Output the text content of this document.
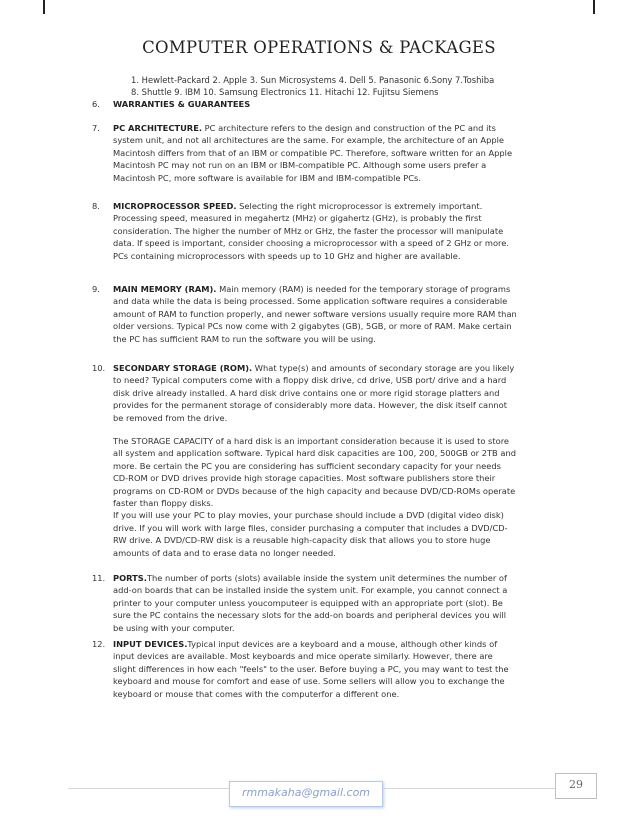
COMPUTER OPERATIONS & PACKAGES
1. Hewlett-Packard 2. Apple 3. Sun Microsystems 4. Dell 5. Panasonic 6.Sony 7.Toshiba
8. Shuttle 9. IBM 10. Samsung Electronics 11. Hitachi 12. Fujitsu Siemens
6. WARRANTIES & GUARANTEES
7. PC ARCHITECTURE. PC architecture refers to the design and construction of the PC and its system unit, and not all architectures are the same. For example, the architecture of an Apple Macintosh differs from that of an IBM or compatible PC. Therefore, software written for an Apple Macintosh PC may not run on an IBM or IBM-compatible PC. Although some users prefer a Macintosh PC, more software is available for IBM and IBM-compatible PCs.
8. MICROPROCESSOR SPEED. Selecting the right microprocessor is extremely important. Processing speed, measured in megahertz (MHz) or gigahertz (GHz), is probably the first consideration. The higher the number of MHz or GHz, the faster the processor will manipulate data. If speed is important, consider choosing a microprocessor with a speed of 2 GHz or more. PCs containing microprocessors with speeds up to 10 GHz and higher are available.
9. MAIN MEMORY (RAM). Main memory (RAM) is needed for the temporary storage of programs and data while the data is being processed. Some application software requires a considerable amount of RAM to function properly, and newer software versions usually require more RAM than older versions. Typical PCs now come with 2 gigabytes (GB), 5GB, or more of RAM. Make certain the PC has sufficient RAM to run the software you will be using.
10. SECONDARY STORAGE (ROM). What type(s) and amounts of secondary storage are you likely to need? Typical computers come with a floppy disk drive, cd drive, USB port/ drive and a hard disk drive already installed. A hard disk drive contains one or more rigid storage platters and provides for the permanent storage of considerably more data. However, the disk itself cannot be removed from the drive.

The STORAGE CAPACITY of a hard disk is an important consideration because it is used to store all system and application software. Typical hard disk capacities are 100, 200, 500GB or 2TB and more. Be certain the PC you are considering has sufficient secondary capacity for your needs

CD-ROM or DVD drives provide high storage capacities. Most software publishers store their programs on CD-ROM or DVDs because of the high capacity and because DVD/CD-ROMs operate faster than floppy disks.

If you will use your PC to play movies, your purchase should include a DVD (digital video disk) drive. If you will work with large files, consider purchasing a computer that includes a DVD/CD-RW drive. A DVD/CD-RW disk is a reusable high-capacity disk that allows you to store huge amounts of data and to erase data no longer needed.

11. PORTS.The number of ports (slots) available inside the system unit determines the number of add-on boards that can be installed inside the system unit. For example, you cannot connect a printer to your computer unless youcomputeer is equipped with an appropriate port (slot). Be sure the PC contains the necessary slots for the add-on boards and peripheral devices you will be using with your computer.
12. INPUT DEVICES.Typical input devices are a keyboard and a mouse, although other kinds of input devices are available. Most keyboards and mice operate similarly. However, there are slight differences in how each "feels" to the user. Before buying a PC, you may want to test the keyboard and mouse for comfort and ease of use. Some sellers will allow you to exchange the keyboard or mouse that comes with the computerfor a different one.
rmmakaha@gmail.com
29
